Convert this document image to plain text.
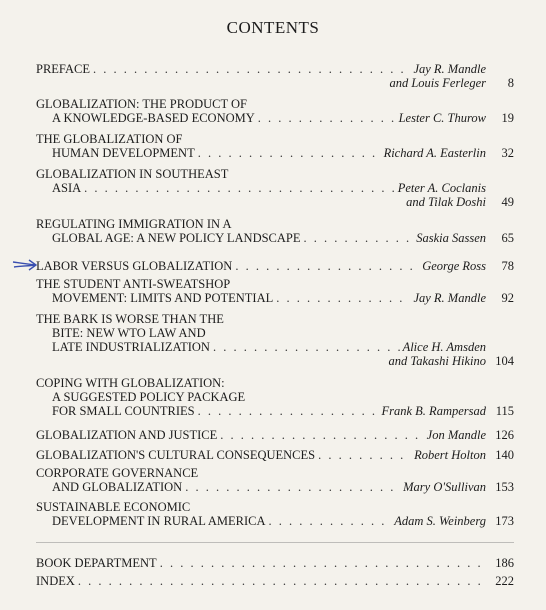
CONTENTS
PREFACE . . .	Jay R. Mandle
and Louis Ferleger	8
GLOBALIZATION: THE PRODUCT OF
A KNOWLEDGE-BASED ECONOMY . . .	Lester C. Thurow	19
THE GLOBALIZATION OF
HUMAN DEVELOPMENT . . .	Richard A. Easterlin	32
GLOBALIZATION IN SOUTHEAST
ASIA . . .	Peter A. Coclanis
and Tilak Doshi	49
REGULATING IMMIGRATION IN A
GLOBAL AGE: A NEW POLICY LANDSCAPE . . .	Saskia Sassen	65
LABOR VERSUS GLOBALIZATION . . .	George Ross	78
THE STUDENT ANTI-SWEATSHOP
MOVEMENT: LIMITS AND POTENTIAL . . .	Jay R. Mandle	92
THE BARK IS WORSE THAN THE
BITE: NEW WTO LAW AND
LATE INDUSTRIALIZATION . . .	Alice H. Amsden
and Takashi Hikino 104
COPING WITH GLOBALIZATION:
A SUGGESTED POLICY PACKAGE
FOR SMALL COUNTRIES . . .	Frank B. Rampersad 115
GLOBALIZATION AND JUSTICE . . .	Jon Mandle 126
GLOBALIZATION'S CULTURAL CONSEQUENCES . . .	Robert Holton 140
CORPORATE GOVERNANCE
AND GLOBALIZATION . . .	Mary O'Sullivan 153
SUSTAINABLE ECONOMIC
DEVELOPMENT IN RURAL AMERICA . . .	Adam S. Weinberg 173
BOOK DEPARTMENT . . .	186
INDEX . . .	222
